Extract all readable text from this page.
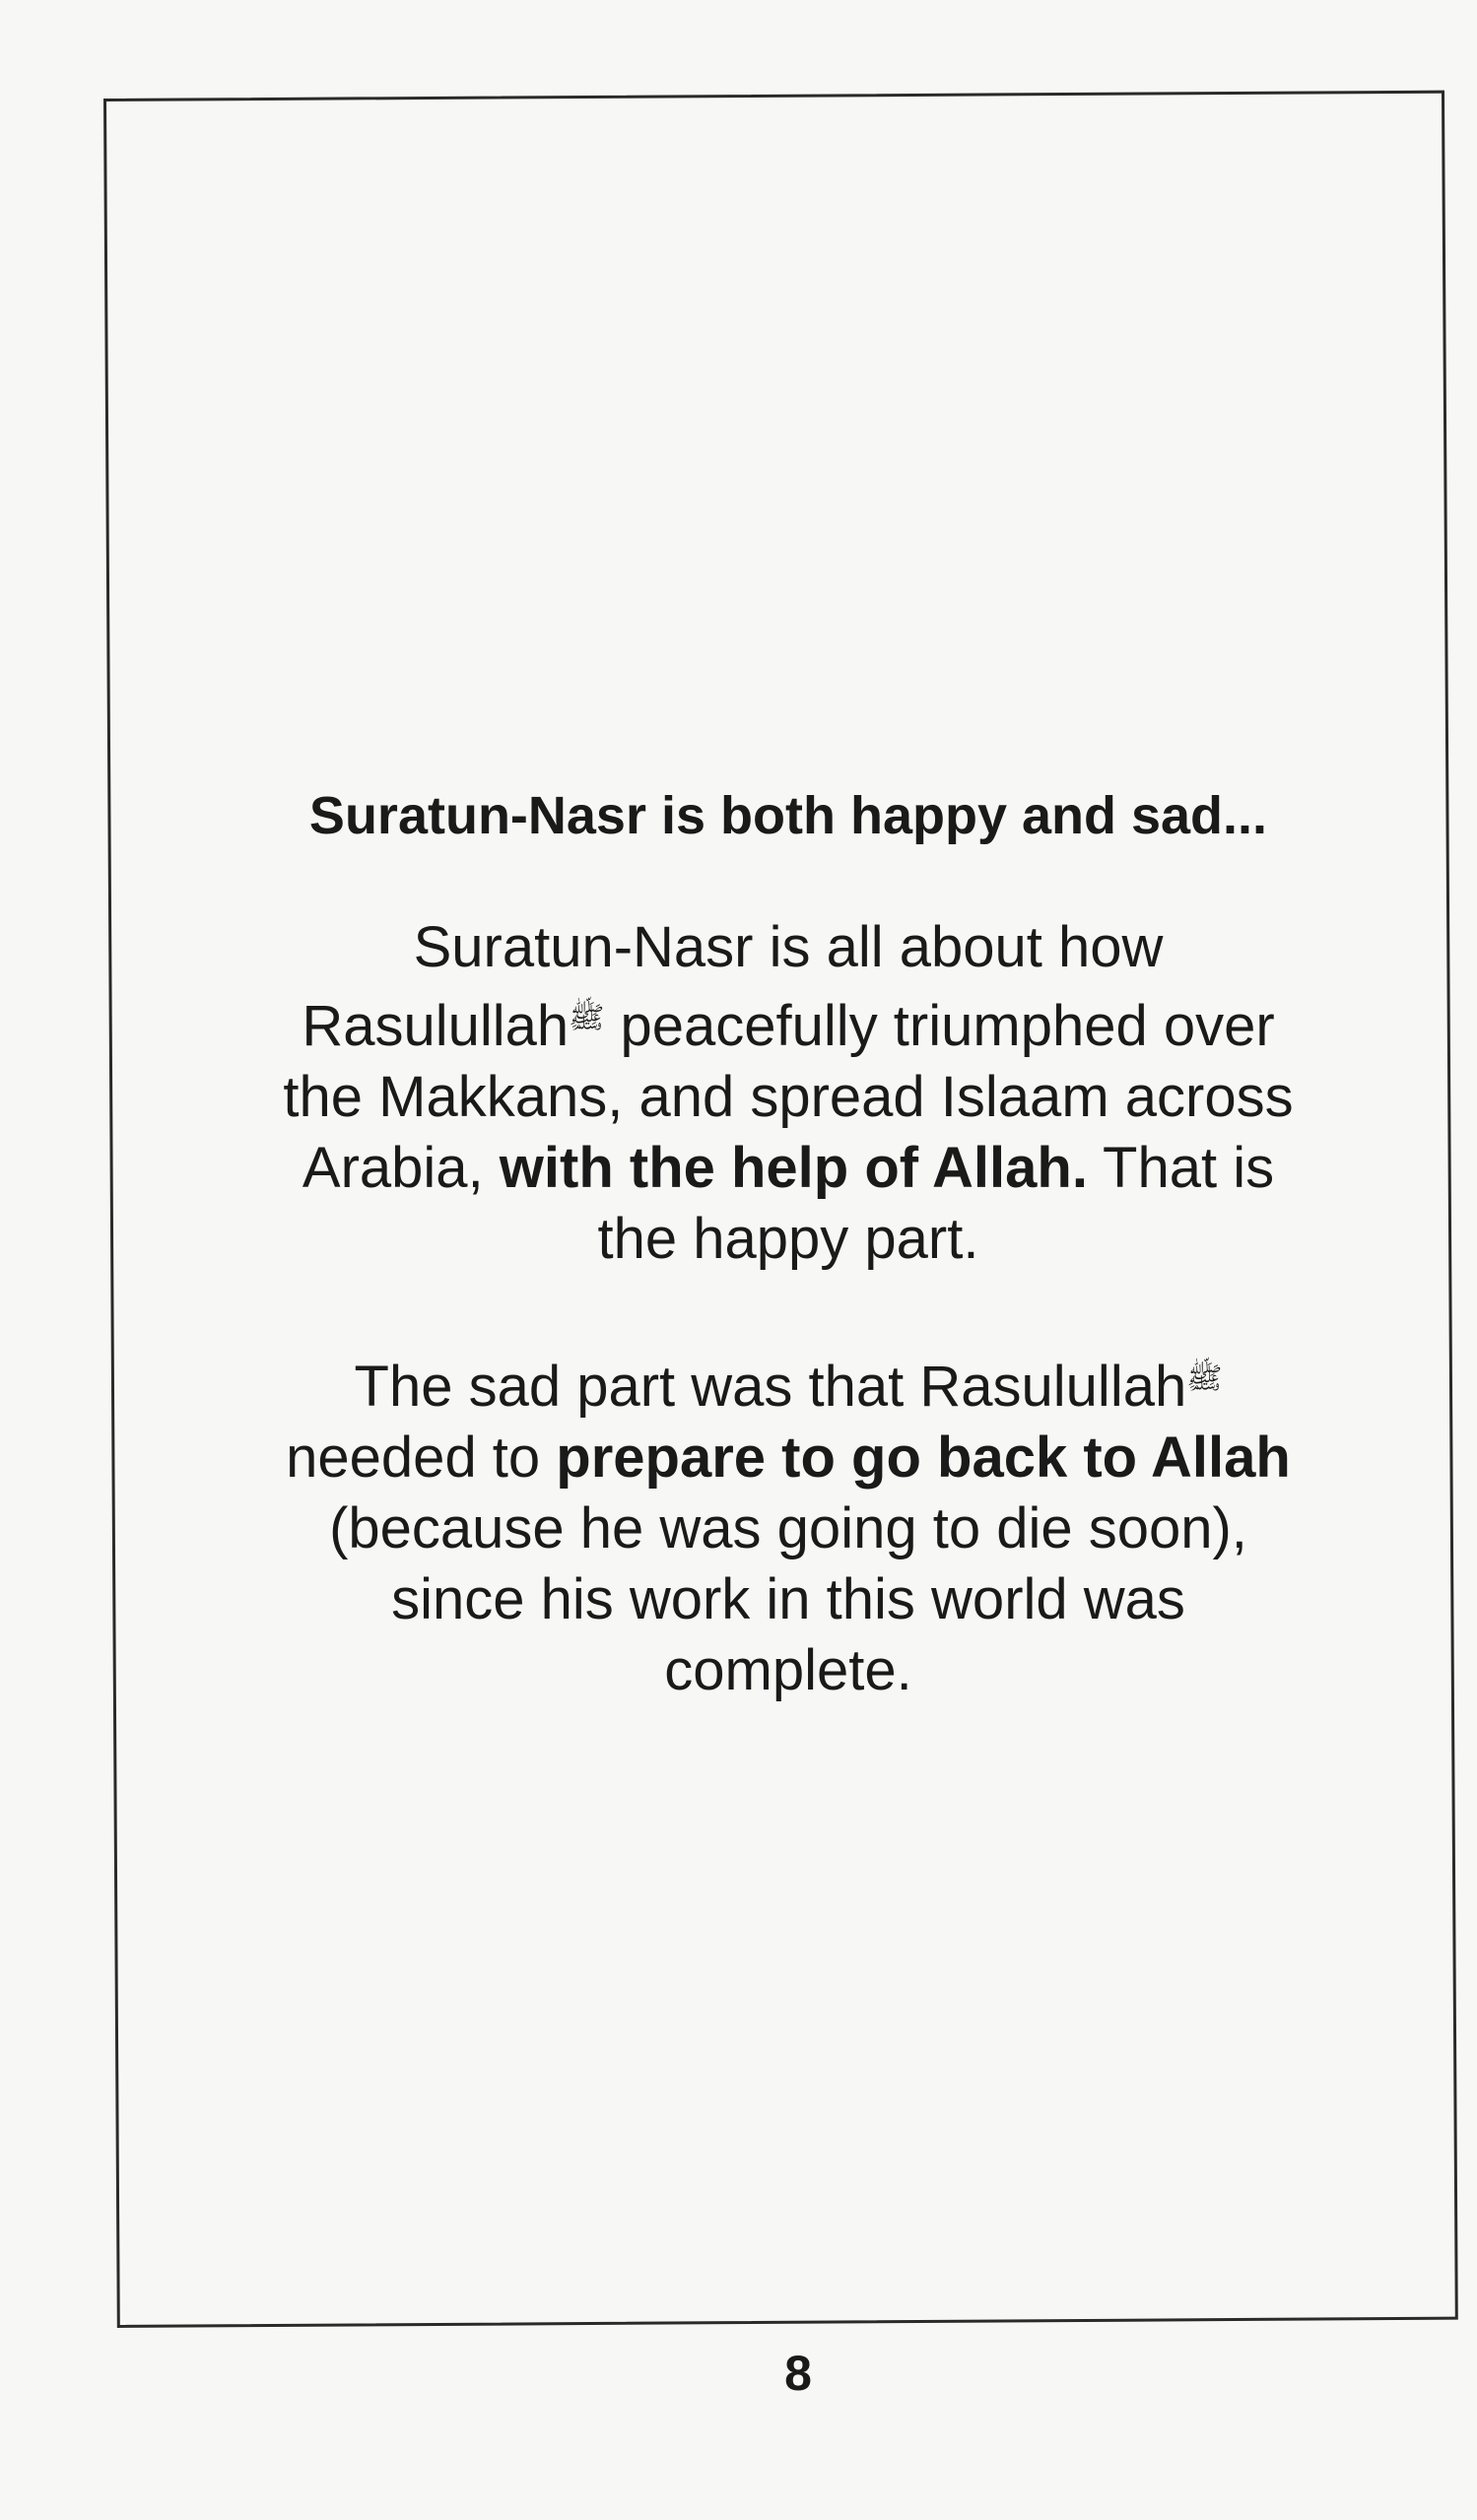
Suratun-Nasr is both happy and sad...
Suratun-Nasr is all about how
Rasulullah$^ﷺ$ peacefully triumphed over
the Makkans, and spread Islaam across
Arabia, with the help of Allah. That is
the happy part.
The sad part was that Rasulullah$^ﷺ$
needed to prepare to go back to Allah
(because he was going to die soon),
since his work in this world was
complete.
8
